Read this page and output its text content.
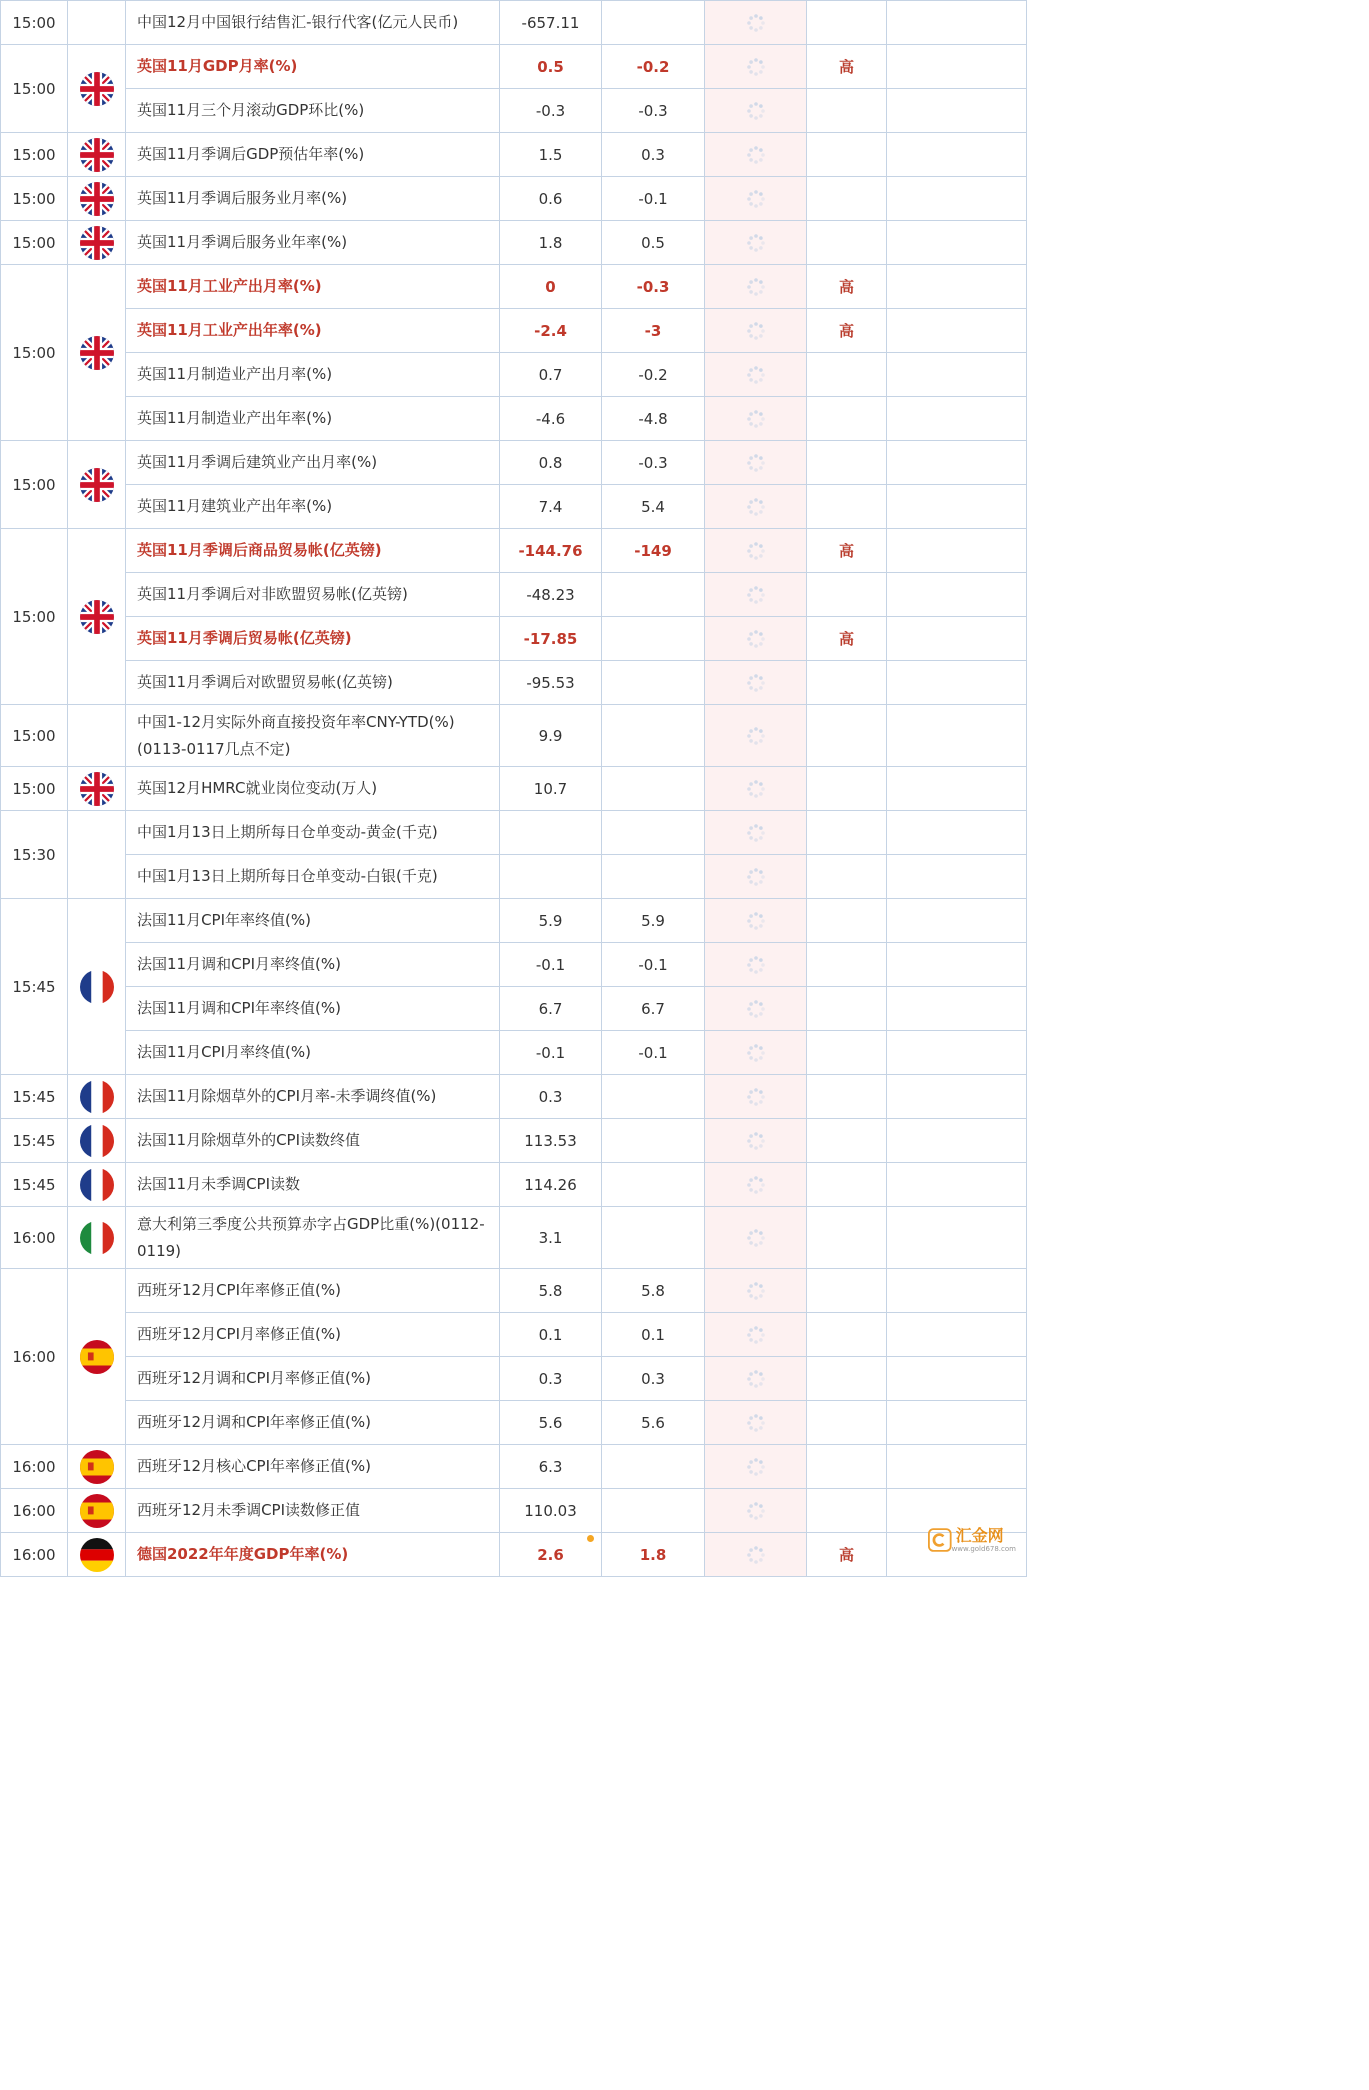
15:00		中国12月中国银行结售汇-银行代客(亿元人民币)	-657.11				
15:00		英国11月GDP月率(%)	0.5	-0.2		高	
		英国11月三个月滚动GDP环比(%)	-0.3	-0.3			
15:00		英国11月季调后GDP预估年率(%)	1.5	0.3			
15:00		英国11月季调后服务业月率(%)	0.6	-0.1			
15:00		英国11月季调后服务业年率(%)	1.8	0.5			
15:00		英国11月工业产出月率(%)	0	-0.3		高	
		英国11月工业产出年率(%)	-2.4	-3		高	
		英国11月制造业产出月率(%)	0.7	-0.2			
		英国11月制造业产出年率(%)	-4.6	-4.8			
15:00		英国11月季调后建筑业产出月率(%)	0.8	-0.3			
		英国11月建筑业产出年率(%)	7.4	5.4			
15:00		英国11月季调后商品贸易帐(亿英镑)	-144.76	-149		高	
		英国11月季调后对非欧盟贸易帐(亿英镑)	-48.23				
		英国11月季调后贸易帐(亿英镑)	-17.85			高	
		英国11月季调后对欧盟贸易帐(亿英镑)	-95.53				
15:00		中国1-12月实际外商直接投资年率CNY-YTD(%)(0113-0117几点不定)	9.9				
15:00		英国12月HMRC就业岗位变动(万人)	10.7				
15:30		中国1月13日上期所每日仓单变动-黄金(千克)					
		中国1月13日上期所每日仓单变动-白银(千克)					
15:45		法国11月CPI年率终值(%)	5.9	5.9			
		法国11月调和CPI月率终值(%)	-0.1	-0.1			
		法国11月调和CPI年率终值(%)	6.7	6.7			
		法国11月CPI月率终值(%)	-0.1	-0.1			
15:45		法国11月除烟草外的CPI月率-未季调终值(%)	0.3				
15:45		法国11月除烟草外的CPI读数终值	113.53				
15:45		法国11月未季调CPI读数	114.26				
16:00		意大利第三季度公共预算赤字占GDP比重(%)(0112-0119)	3.1				
16:00		西班牙12月CPI年率修正值(%)	5.8	5.8			
		西班牙12月CPI月率修正值(%)	0.1	0.1			
		西班牙12月调和CPI月率修正值(%)	0.3	0.3			
		西班牙12月调和CPI年率修正值(%)	5.6	5.6			
16:00		西班牙12月核心CPI年率修正值(%)	6.3				
16:00		西班牙12月未季调CPI读数修正值	110.03				
16:00		德国2022年年度GDP年率(%)	2.6	1.8		高	
汇金网
www.gold678.com
